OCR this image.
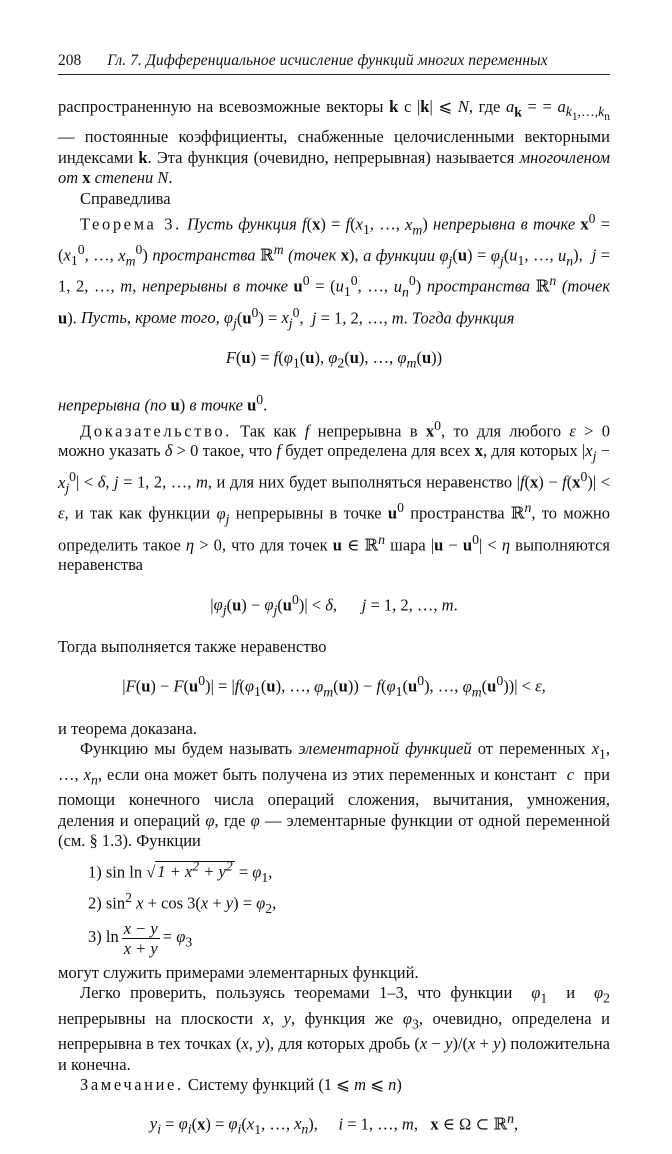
208 Гл. 7. Дифференциальное исчисление функций многих переменных

распространенную на всевозможные векторы k с |k| ⩽ N, где $a_k$ = = $a_{k_1,\dots,k_n}$ — постоянные коэффициенты, снабженные целочисленными векторными индексами k. Эта функция (очевидно, непрерывная) называется многочленом от x степени N.

Справедлива

Теорема 3. Пусть функция $f(x) = f(x_1$, …, $x_m$) непрерывна в точке $x^0 = (x_1^0$, …, $x_m^0$) пространства ℝ$^m$ (точек x), а функции $\varphi_j(u) = \varphi_j(u_1$, …, $u_n$),  j = 1, 2, …, m, непрерывны в точке $u^0 = (u_1^0$, …, $u_n^0$) пространства ℝ$^n$ (точек u). Пусть, кроме того, $\varphi_j(u^0) = x_j^0$,  j = 1, 2, …, m. Тогда функция

$F(u) = f(\varphi_1(u)$, $\varphi_2(u)$, …, $\varphi_m(u)$)

непрерывна (по u) в точке $u^0$.

Доказательство. Так как f непрерывна в $x^0$, то для любого ε > 0 можно указать δ > 0 такое, что f будет определена для всех x, для которых $|x_j - x_j^0| < \delta$, j = 1, 2, …, m, и для них будет выполняться неравенство $|f(x) - f(x^0)| < \varepsilon$, и так как функции $\varphi_j$ непрерывны в точке $u^0$ пространства ℝ$^n$, то можно определить такое η > 0, что для точек u ∈ ℝ$^n$ шара $|u - u^0| < \eta$ выполняются неравенства

$|\varphi_j(u) - \varphi_j(u^0)| < \delta$,      j = 1, 2, …, m.

Тогда выполняется также неравенство

$|F(u) - F(u^0)| = |f(\varphi_1(u)$, …, $\varphi_m(u)) - f(\varphi_1(u^0)$, …, $\varphi_m(u^0))| < \varepsilon$,

и теорема доказана.

Функцию мы будем называть элементарной функцией от переменных $x_1$, …, $x_n$, если она может быть получена из этих переменных и констант  c  при помощи конечного числа операций сложения, вычитания, умножения, деления и операций φ, где φ — элементарные функции от одной переменной (см. § 1.3). Функции

1) sin ln √ $1 + x^2 + y^2 = \varphi_1$,
2) $\sin^2 x + \cos 3(x + y) = \varphi_2$,
3) $\ln \frac{x - y}{x + y} = \varphi_3$

могут служить примерами элементарных функций.

Легко проверить, пользуясь теоремами 1–3, что функции  $\varphi_1$  и  $\varphi_2$ непрерывны на плоскости x, y, функция же $\varphi_3$, очевидно, определена и непрерывна в тех точках (x, y), для которых дробь (x − y)/(x + y) положительна и конечна.

Замечание. Систему функций (1 ⩽ m ⩽ n)

$y_i = \varphi_i(x) = \varphi_i(x_1$, …, $x_n$),     i = 1, …, m,   x ∈ Ω ⊂ ℝ$^n$,
